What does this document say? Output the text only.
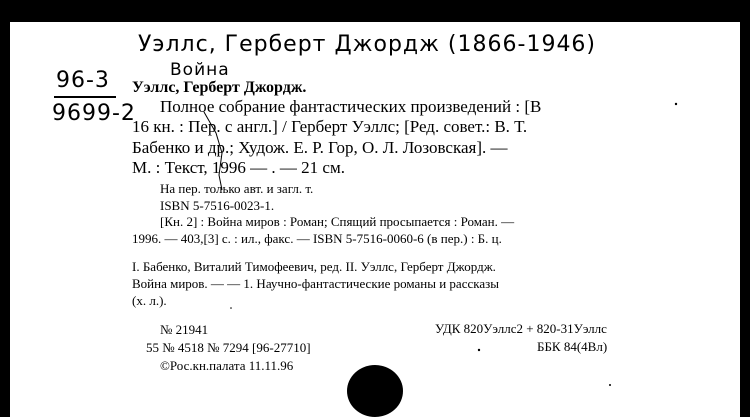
Уэллс, Герберт Джордж (1866-1946)
Война
96-3
9699-2
Уэллс, Герберт Джордж.
Полное собрание фантастических произведений : [В
16 кн. : Пер. с англ.] / Герберт Уэллс; [Ред. совет.: В. Т.
Бабенко и др.; Худож. Е. Р. Гор, О. Л. Лозовская]. —
М. : Текст, 1996 — . — 21 см.
На пер. только авт. и загл. т.
ISBN 5-7516-0023-1.
[Кн. 2] : Война миров : Роман; Спящий просыпается : Роман. —
1996. — 403,[3] с. : ил., факс. — ISBN 5-7516-0060-6 (в пер.) : Б. ц.
I. Бабенко, Виталий Тимофеевич, ред. II. Уэллс, Герберт Джордж.
Война миров. — — 1. Научно-фантастические романы и рассказы
(х. л.).
№ 21941
55 № 4518 № 7294 [96-27710]
©Рос.кн.палата 11.11.96
УДК 820Уэллс2 + 820-31Уэллс
ББК 84(4Вл)
